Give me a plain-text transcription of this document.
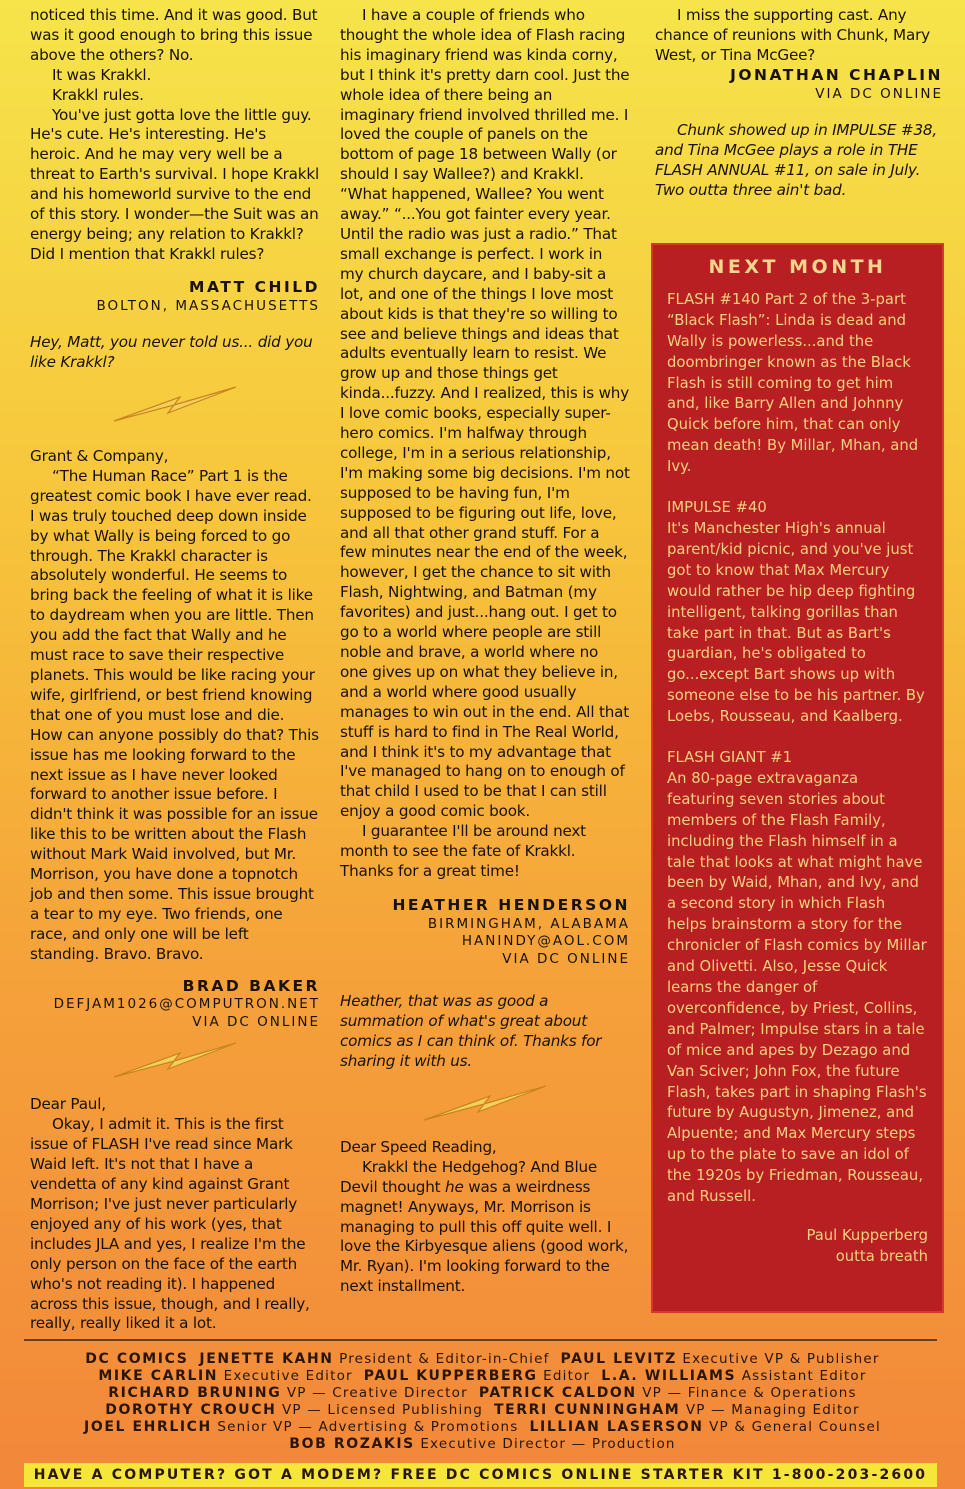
noticed this time. And it was good. But was it good enough to bring this issue above the others? No.

It was Krakkl.

Krakkl rules.

You've just gotta love the little guy. He's cute. He's interesting. He's heroic. And he may very well be a threat to Earth's survival. I hope Krakkl and his homeworld survive to the end of this story. I wonder—the Suit was an energy being; any relation to Krakkl? Did I mention that Krakkl rules?

MATT CHILD
BOLTON, MASSACHUSETTS

Hey, Matt, you never told us... did you like Krakkl?

Grant & Company,

“The Human Race” Part 1 is the greatest comic book I have ever read. I was truly touched deep down inside by what Wally is being forced to go through. The Krakkl character is absolutely wonderful. He seems to bring back the feeling of what it is like to daydream when you are little. Then you add the fact that Wally and he must race to save their respective planets. This would be like racing your wife, girlfriend, or best friend knowing that one of you must lose and die. How can anyone possibly do that? This issue has me looking forward to the next issue as I have never looked forward to another issue before. I didn't think it was possible for an issue like this to be written about the Flash without Mark Waid involved, but Mr. Morrison, you have done a topnotch job and then some. This issue brought a tear to my eye. Two friends, one race, and only one will be left standing. Bravo. Bravo.

BRAD BAKER
DEFJAM1026@COMPUTRON.NET
VIA DC ONLINE

Dear Paul,

Okay, I admit it. This is the first issue of FLASH I've read since Mark Waid left. It's not that I have a vendetta of any kind against Grant Morrison; I've just never particularly enjoyed any of his work (yes, that includes JLA and yes, I realize I'm the only person on the face of the earth who's not reading it). I happened across this issue, though, and I really, really, really liked it a lot.

I have a couple of friends who thought the whole idea of Flash racing his imaginary friend was kinda corny, but I think it's pretty darn cool. Just the whole idea of there being an imaginary friend involved thrilled me. I loved the couple of panels on the bottom of page 18 between Wally (or should I say Wallee?) and Krakkl. “What happened, Wallee? You went away.” “...You got fainter every year. Until the radio was just a radio.” That small exchange is perfect. I work in my church daycare, and I baby-sit a lot, and one of the things I love most about kids is that they're so willing to see and believe things and ideas that adults eventually learn to resist. We grow up and those things get kinda...fuzzy. And I realized, this is why I love comic books, especially super-hero comics. I'm halfway through college, I'm in a serious relationship, I'm making some big decisions. I'm not supposed to be having fun, I'm supposed to be figuring out life, love, and all that other grand stuff. For a few minutes near the end of the week, however, I get the chance to sit with Flash, Nightwing, and Batman (my favorites) and just...hang out. I get to go to a world where people are still noble and brave, a world where no one gives up on what they believe in, and a world where good usually manages to win out in the end. All that stuff is hard to find in The Real World, and I think it's to my advantage that I've managed to hang on to enough of that child I used to be that I can still enjoy a good comic book.

I guarantee I'll be around next month to see the fate of Krakkl. Thanks for a great time!

HEATHER HENDERSON
BIRMINGHAM, ALABAMA
HANINDY@AOL.COM
VIA DC ONLINE

Heather, that was as good a summation of what's great about comics as I can think of. Thanks for sharing it with us.

Dear Speed Reading,

Krakkl the Hedgehog? And Blue Devil thought he was a weirdness magnet! Anyways, Mr. Morrison is managing to pull this off quite well. I love the Kirbyesque aliens (good work, Mr. Ryan). I'm looking forward to the next installment.

I miss the supporting cast. Any chance of reunions with Chunk, Mary West, or Tina McGee?

JONATHAN CHAPLIN
VIA DC ONLINE

Chunk showed up in IMPULSE #38, and Tina McGee plays a role in THE FLASH ANNUAL #11, on sale in July. Two outta three ain't bad.

NEXT MONTH
FLASH #140 Part 2 of the 3-part “Black Flash”: Linda is dead and Wally is powerless...and the doombringer known as the Black Flash is still coming to get him and, like Barry Allen and Johnny Quick before him, that can only mean death! By Millar, Mhan, and Ivy.
IMPULSE #40
It's Manchester High's annual parent/kid picnic, and you've just got to know that Max Mercury would rather be hip deep fighting intelligent, talking gorillas than take part in that. But as Bart's guardian, he's obligated to go...except Bart shows up with someone else to be his partner. By Loebs, Rousseau, and Kaalberg.
FLASH GIANT #1
An 80-page extravaganza featuring seven stories about members of the Flash Family, including the Flash himself in a tale that looks at what might have been by Waid, Mhan, and Ivy, and a second story in which Flash helps brainstorm a story for the chronicler of Flash comics by Millar and Olivetti. Also, Jesse Quick learns the danger of overconfidence, by Priest, Collins, and Palmer; Impulse stars in a tale of mice and apes by Dezago and Van Sciver; John Fox, the future Flash, takes part in shaping Flash's future by Augustyn, Jimenez, and Alpuente; and Max Mercury steps up to the plate to save an idol of the 1920s by Friedman, Rousseau, and Russell.
Paul Kupperberg
outta breath
DC COMICS JENETTE KAHN President & Editor-in-Chief PAUL LEVITZ Executive VP & Publisher
MIKE CARLIN Executive Editor PAUL KUPPERBERG Editor L.A. WILLIAMS Assistant Editor
RICHARD BRUNING VP — Creative Director PATRICK CALDON VP — Finance & Operations
DOROTHY CROUCH VP — Licensed Publishing TERRI CUNNINGHAM VP — Managing Editor
JOEL EHRLICH Senior VP — Advertising & Promotions LILLIAN LASERSON VP & General Counsel
BOB ROZAKIS Executive Director — Production
HAVE A COMPUTER? GOT A MODEM? FREE DC COMICS ONLINE STARTER KIT 1-800-203-2600
